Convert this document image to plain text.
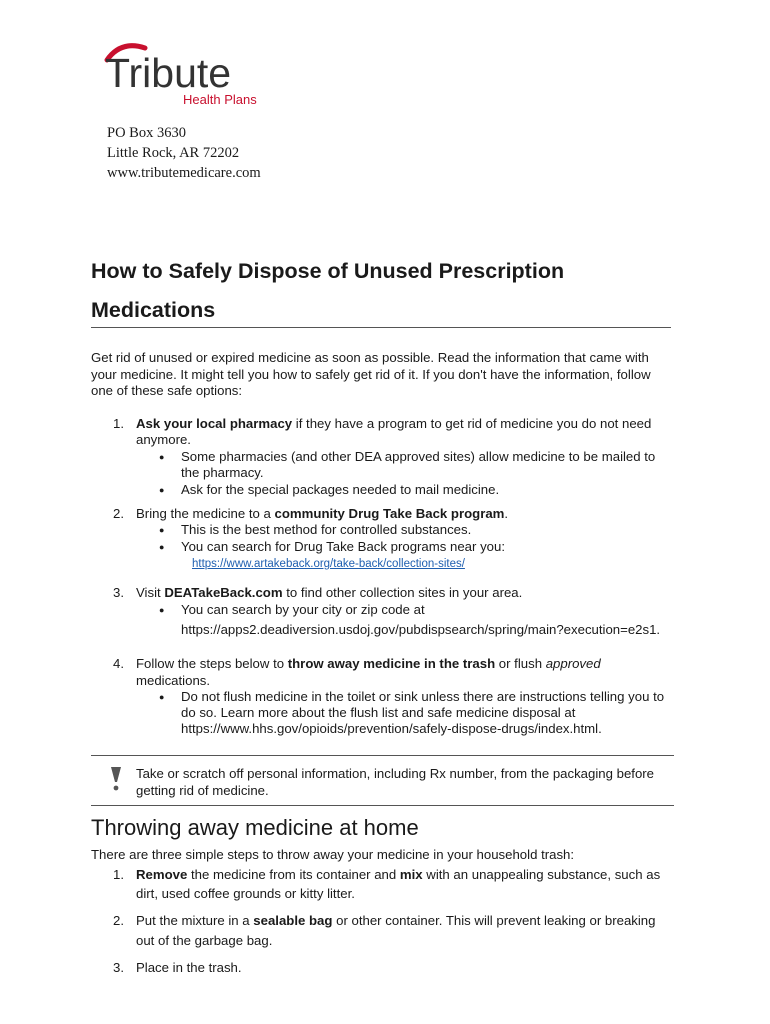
Tribute
Health Plans
PO Box 3630
Little Rock, AR 72202
www.tributemedicare.com
How to Safely Dispose of Unused Prescription
Medications
Get rid of unused or expired medicine as soon as possible. Read the information that came with
your medicine. It might tell you how to safely get rid of it. If you don't have the information, follow
one of these safe options:
1. Ask your local pharmacy if they have a program to get rid of medicine you do not need
anymore.
● Some pharmacies (and other DEA approved sites) allow medicine to be mailed to
the pharmacy.
● Ask for the special packages needed to mail medicine.
2. Bring the medicine to a community Drug Take Back program.
● This is the best method for controlled substances.
● You can search for Drug Take Back programs near you:
https://www.artakeback.org/take-back/collection-sites/
3. Visit DEATakeBack.com to find other collection sites in your area.
● You can search by your city or zip code at
https://apps2.deadiversion.usdoj.gov/pubdispsearch/spring/main?execution=e2s1.
4. Follow the steps below to throw away medicine in the trash or flush approved
medications.
● Do not flush medicine in the toilet or sink unless there are instructions telling you to
do so. Learn more about the flush list and safe medicine disposal at
https://www.hhs.gov/opioids/prevention/safely-dispose-drugs/index.html.
Take or scratch off personal information, including Rx number, from the packaging before
getting rid of medicine.
Throwing away medicine at home
There are three simple steps to throw away your medicine in your household trash:
1. Remove the medicine from its container and mix with an unappealing substance, such as
dirt, used coffee grounds or kitty litter.
2. Put the mixture in a sealable bag or other container. This will prevent leaking or breaking
out of the garbage bag.
3. Place in the trash.
